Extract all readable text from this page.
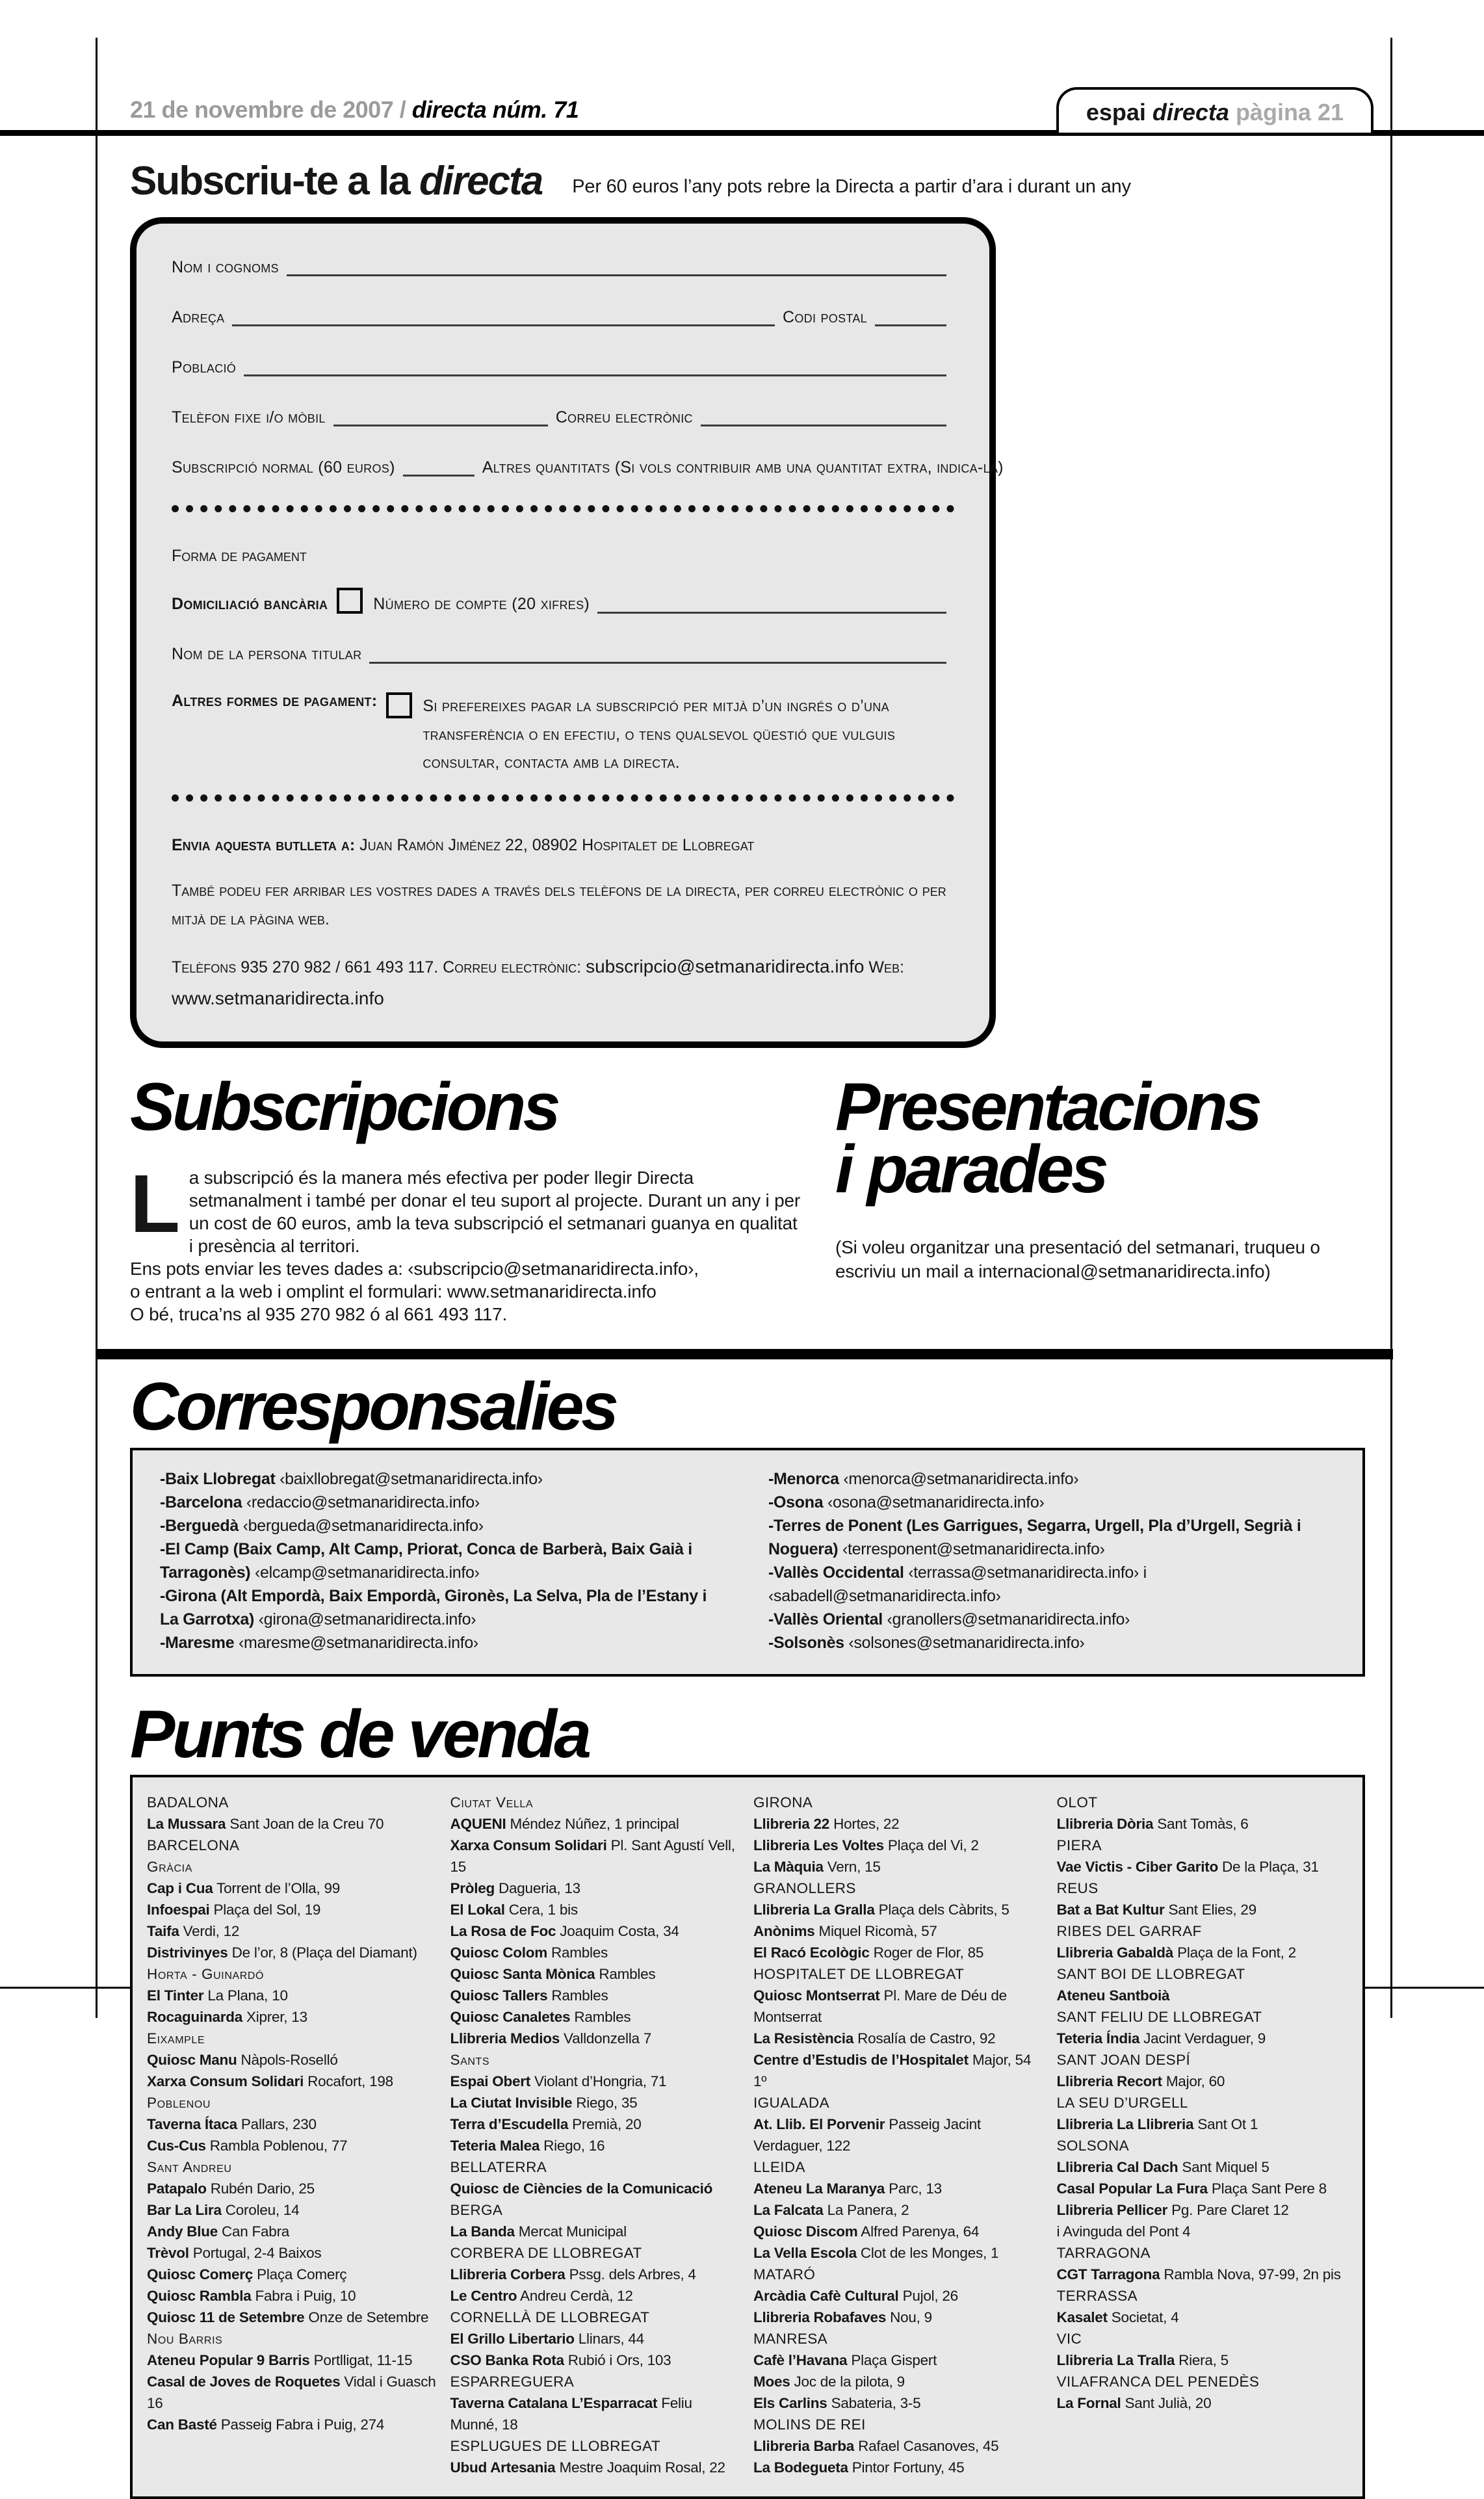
21 de novembre de 2007 / directa núm. 71	espai directa pàgina 21
Subscriu-te a la directa Per 60 euros l’any pots rebre la Directa a partir d’ara i durant un any

Nom i cognoms
Adreça	Codi postal
Població
Telèfon fixe i/o mòbil	Correu electrònic
Subscripció normal (60 euros)	Altres quantitats (Si vols contribuir amb una quantitat extra, indica-la)

Forma de pagament

Domiciliació bancària	Número de compte (20 xifres)
Nom de la persona titular
Altres formes de pagament:	Si prefereixes pagar la subscripció per mitjà d’un ingrés o d’una transferència o en efectiu, o tens qualsevol qüestió que vulguis consultar, contacta amb la directa.

Envia aquesta butlleta a: Juan Ramón Jiménez 22, 08902 Hospitalet de Llobregat

També podeu fer arribar les vostres dades a través dels telèfons de la directa, per correu electrònic o per mitjà de la pàgina web.

Telèfons 935 270 982 / 661 493 117. Correu electrònic: subscripcio@setmanaridirecta.info Web: www.setmanaridirecta.info

Subscripcions

La subscripció és la manera més efectiva per poder llegir Directa setmanalment i també per donar el teu suport al projecte. Durant un any i per un cost de 60 euros, amb la teva subscripció el setmanari guanya en qualitat i presència al territori.

Ens pots enviar les teves dades a: ‹subscripcio@setmanaridirecta.info›,

o entrant a la web i omplint el formulari: www.setmanaridirecta.info

O bé, truca’ns al 935 270 982 ó al 661 493 117.

Presentacions
i parades

(Si voleu organitzar una presentació del setmanari, truqueu o escriviu un mail a internacional@setmanaridirecta.info)

Corresponsalies

-Baix Llobregat ‹baixllobregat@setmanaridirecta.info›

-Barcelona ‹redaccio@setmanaridirecta.info›

-Berguedà ‹bergueda@setmanaridirecta.info›

-El Camp (Baix Camp, Alt Camp, Priorat, Conca de Barberà, Baix Gaià i Tarragonès) ‹elcamp@setmanaridirecta.info›

-Girona (Alt Empordà, Baix Empordà, Gironès, La Selva, Pla de l’Estany i La Garrotxa) ‹girona@setmanaridirecta.info›

-Maresme ‹maresme@setmanaridirecta.info›

-Menorca ‹menorca@setmanaridirecta.info›

-Osona ‹osona@setmanaridirecta.info›

-Terres de Ponent (Les Garrigues, Segarra, Urgell, Pla d’Urgell, Segrià i Noguera) ‹terresponent@setmanaridirecta.info›

-Vallès Occidental ‹terrassa@setmanaridirecta.info› i ‹sabadell@setmanaridirecta.info›

-Vallès Oriental ‹granollers@setmanaridirecta.info›

-Solsonès ‹solsones@setmanaridirecta.info›

Punts de venda
BADALONA
La Mussara Sant Joan de la Creu 70
BARCELONA
Gràcia
Cap i Cua Torrent de l’Olla, 99
Infoespai Plaça del Sol, 19
Taifa Verdi, 12
Distrivinyes De l’or, 8 (Plaça del Diamant)
Horta - Guinardó
El Tinter La Plana, 10
Rocaguinarda Xiprer, 13
Eixample
Quiosc Manu Nàpols-Roselló
Xarxa Consum Solidari Rocafort, 198
Poblenou
Taverna Ítaca Pallars, 230
Cus-Cus Rambla Poblenou, 77
Sant Andreu
Patapalo Rubén Dario, 25
Bar La Lira Coroleu, 14
Andy Blue Can Fabra
Trèvol Portugal, 2-4 Baixos
Quiosc Comerç Plaça Comerç
Quiosc Rambla Fabra i Puig, 10
Quiosc 11 de Setembre Onze de Setembre
Nou Barris
Ateneu Popular 9 Barris Portlligat, 11-15
Casal de Joves de Roquetes Vidal i Guasch 16
Can Basté Passeig Fabra i Puig, 274
Ciutat Vella
AQUENI Méndez Núñez, 1 principal
Xarxa Consum Solidari Pl. Sant Agustí Vell, 15
Pròleg Dagueria, 13
El Lokal Cera, 1 bis
La Rosa de Foc Joaquim Costa, 34
Quiosc Colom Rambles
Quiosc Santa Mònica Rambles
Quiosc Tallers Rambles
Quiosc Canaletes Rambles
Llibreria Medios Valldonzella 7
Sants
Espai Obert Violant d’Hongria, 71
La Ciutat Invisible Riego, 35
Terra d’Escudella Premià, 20
Teteria Malea Riego, 16
BELLATERRA
Quiosc de Ciències de la Comunicació
BERGA
La Banda Mercat Municipal
CORBERA DE LLOBREGAT
Llibreria Corbera Pssg. dels Arbres, 4
Le Centro Andreu Cerdà, 12
CORNELLÀ DE LLOBREGAT
El Grillo Libertario Llinars, 44
CSO Banka Rota Rubió i Ors, 103
ESPARREGUERA
Taverna Catalana L’Esparracat Feliu Munné, 18
ESPLUGUES DE LLOBREGAT
Ubud Artesania Mestre Joaquim Rosal, 22
GIRONA
Llibreria 22 Hortes, 22
Llibreria Les Voltes Plaça del Vi, 2
La Màquia Vern, 15
GRANOLLERS
Llibreria La Gralla Plaça dels Càbrits, 5
Anònims Miquel Ricomà, 57
El Racó Ecològic Roger de Flor, 85
HOSPITALET DE LLOBREGAT
Quiosc Montserrat Pl. Mare de Déu de Montserrat
La Resistència Rosalía de Castro, 92
Centre d’Estudis de l’Hospitalet Major, 54 1º
IGUALADA
At. Llib. El Porvenir Passeig Jacint Verdaguer, 122
LLEIDA
Ateneu La Maranya Parc, 13
La Falcata La Panera, 2
Quiosc Discom Alfred Parenya, 64
La Vella Escola Clot de les Monges, 1
MATARÓ
Arcàdia Cafè Cultural Pujol, 26
Llibreria Robafaves Nou, 9
MANRESA
Cafè l’Havana Plaça Gispert
Moes Joc de la pilota, 9
Els Carlins Sabateria, 3-5
MOLINS DE REI
Llibreria Barba Rafael Casanoves, 45
La Bodegueta Pintor Fortuny, 45
OLOT
Llibreria Dòria Sant Tomàs, 6
PIERA
Vae Victis - Ciber Garito De la Plaça, 31
REUS
Bat a Bat Kultur Sant Elies, 29
RIBES DEL GARRAF
Llibreria Gabaldà Plaça de la Font, 2
SANT BOI DE LLOBREGAT
Ateneu Santboià
SANT FELIU DE LLOBREGAT
Teteria Índia Jacint Verdaguer, 9
SANT JOAN DESPÍ
Llibreria Recort Major, 60
LA SEU D’URGELL
Llibreria La Llibreria Sant Ot 1
SOLSONA
Llibreria Cal Dach Sant Miquel 5
Casal Popular La Fura Plaça Sant Pere 8
Llibreria Pellicer Pg. Pare Claret 12
i Avinguda del Pont 4
TARRAGONA
CGT Tarragona Rambla Nova, 97-99, 2n pis
TERRASSA
Kasalet Societat, 4
VIC
Llibreria La Tralla Riera, 5
VILAFRANCA DEL PENEDÈS
La Fornal Sant Julià, 20
